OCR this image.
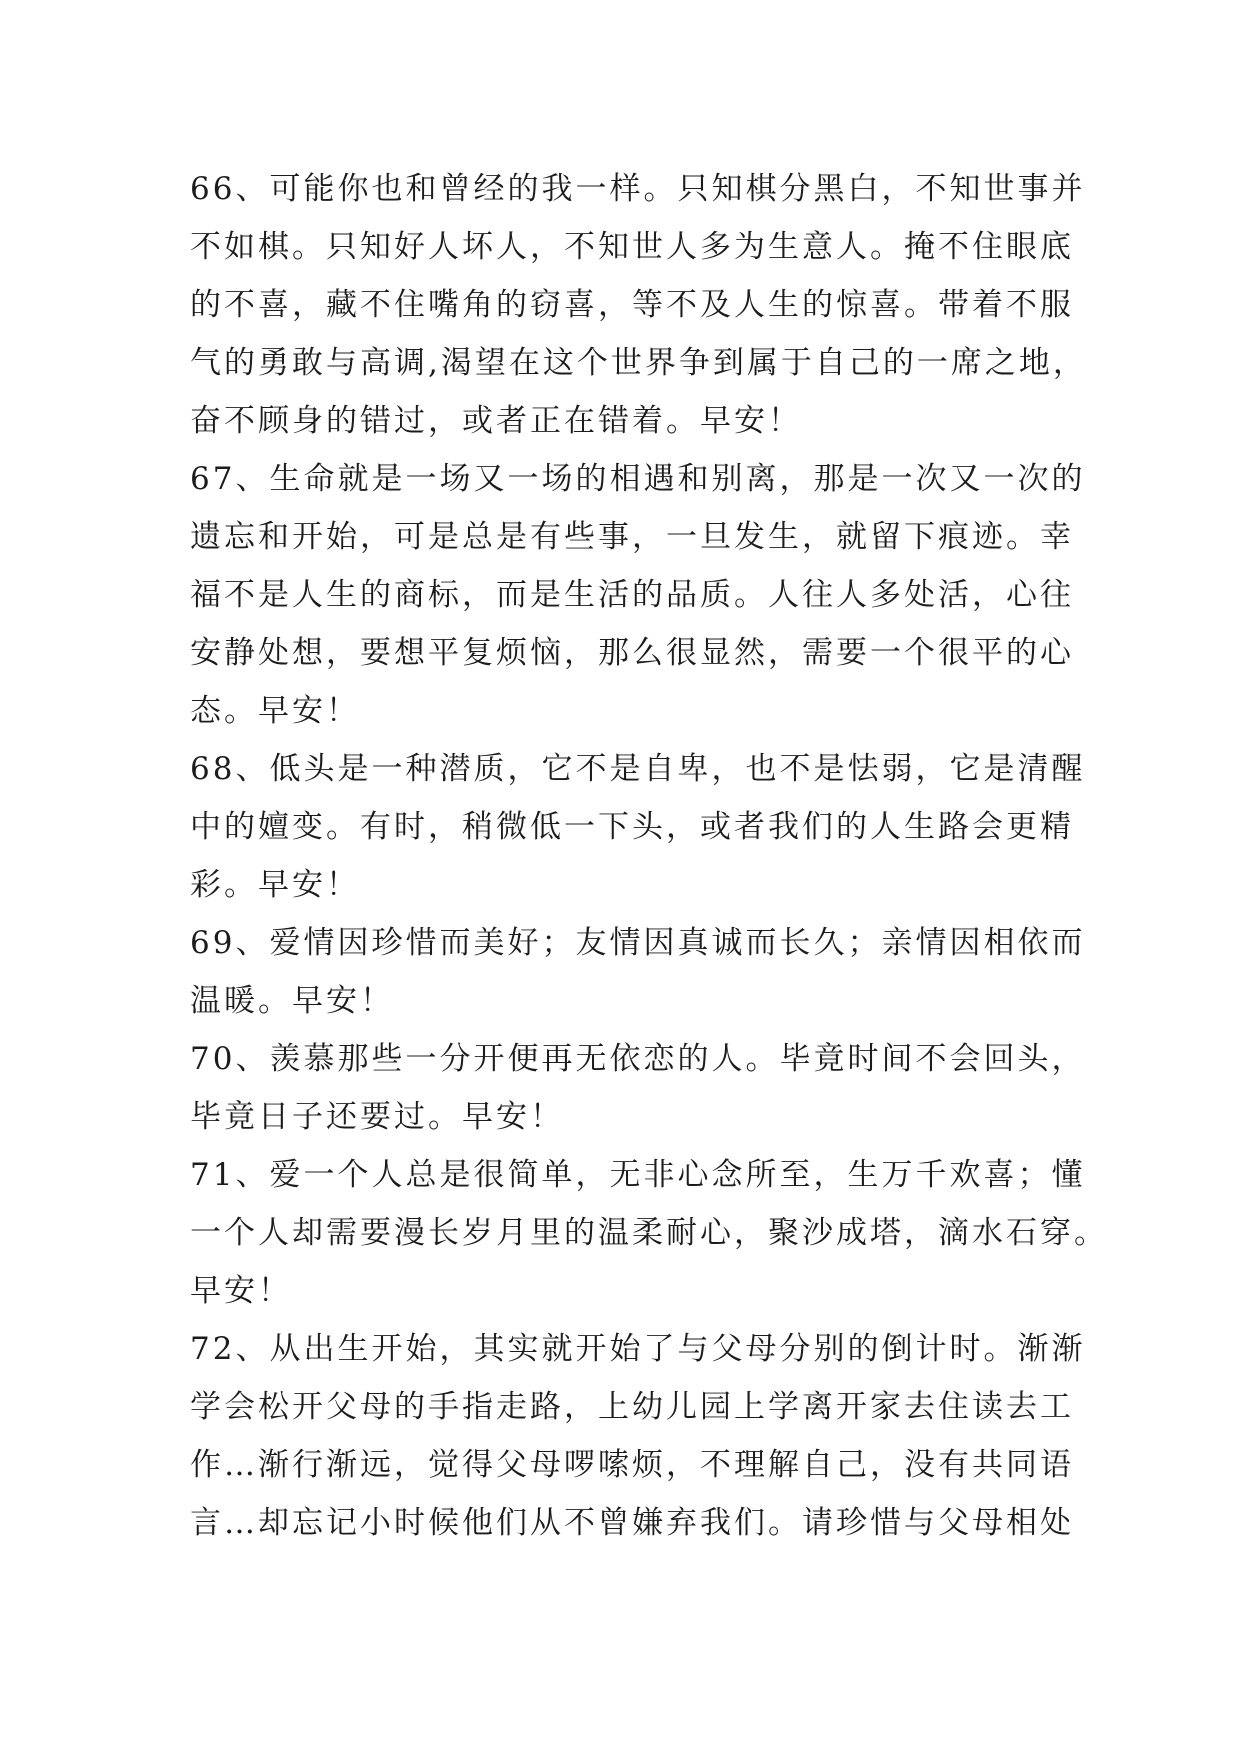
66、可能你也和曾经的我一样。只知棋分黑白，不知世事并
不如棋。只知好人坏人，不知世人多为生意人。掩不住眼底
的不喜，藏不住嘴角的窃喜，等不及人生的惊喜。带着不服
气的勇敢与高调,渴望在这个世界争到属于自己的一席之地，
奋不顾身的错过，或者正在错着。早安！
67、生命就是一场又一场的相遇和别离，那是一次又一次的
遗忘和开始，可是总是有些事，一旦发生，就留下痕迹。幸
福不是人生的商标，而是生活的品质。人往人多处活，心往
安静处想，要想平复烦恼，那么很显然，需要一个很平的心
态。早安！
68、低头是一种潜质，它不是自卑，也不是怯弱，它是清醒
中的嬗变。有时，稍微低一下头，或者我们的人生路会更精
彩。早安！
69、爱情因珍惜而美好；友情因真诚而长久；亲情因相依而
温暖。早安！
70、羡慕那些一分开便再无依恋的人。毕竟时间不会回头，
毕竟日子还要过。早安！
71、爱一个人总是很简单，无非心念所至，生万千欢喜；懂
一个人却需要漫长岁月里的温柔耐心，聚沙成塔，滴水石穿。
早安！
72、从出生开始，其实就开始了与父母分别的倒计时。渐渐
学会松开父母的手指走路，上幼儿园上学离开家去住读去工
作…渐行渐远，觉得父母啰嗦烦，不理解自己，没有共同语
言…却忘记小时候他们从不曾嫌弃我们。请珍惜与父母相处
